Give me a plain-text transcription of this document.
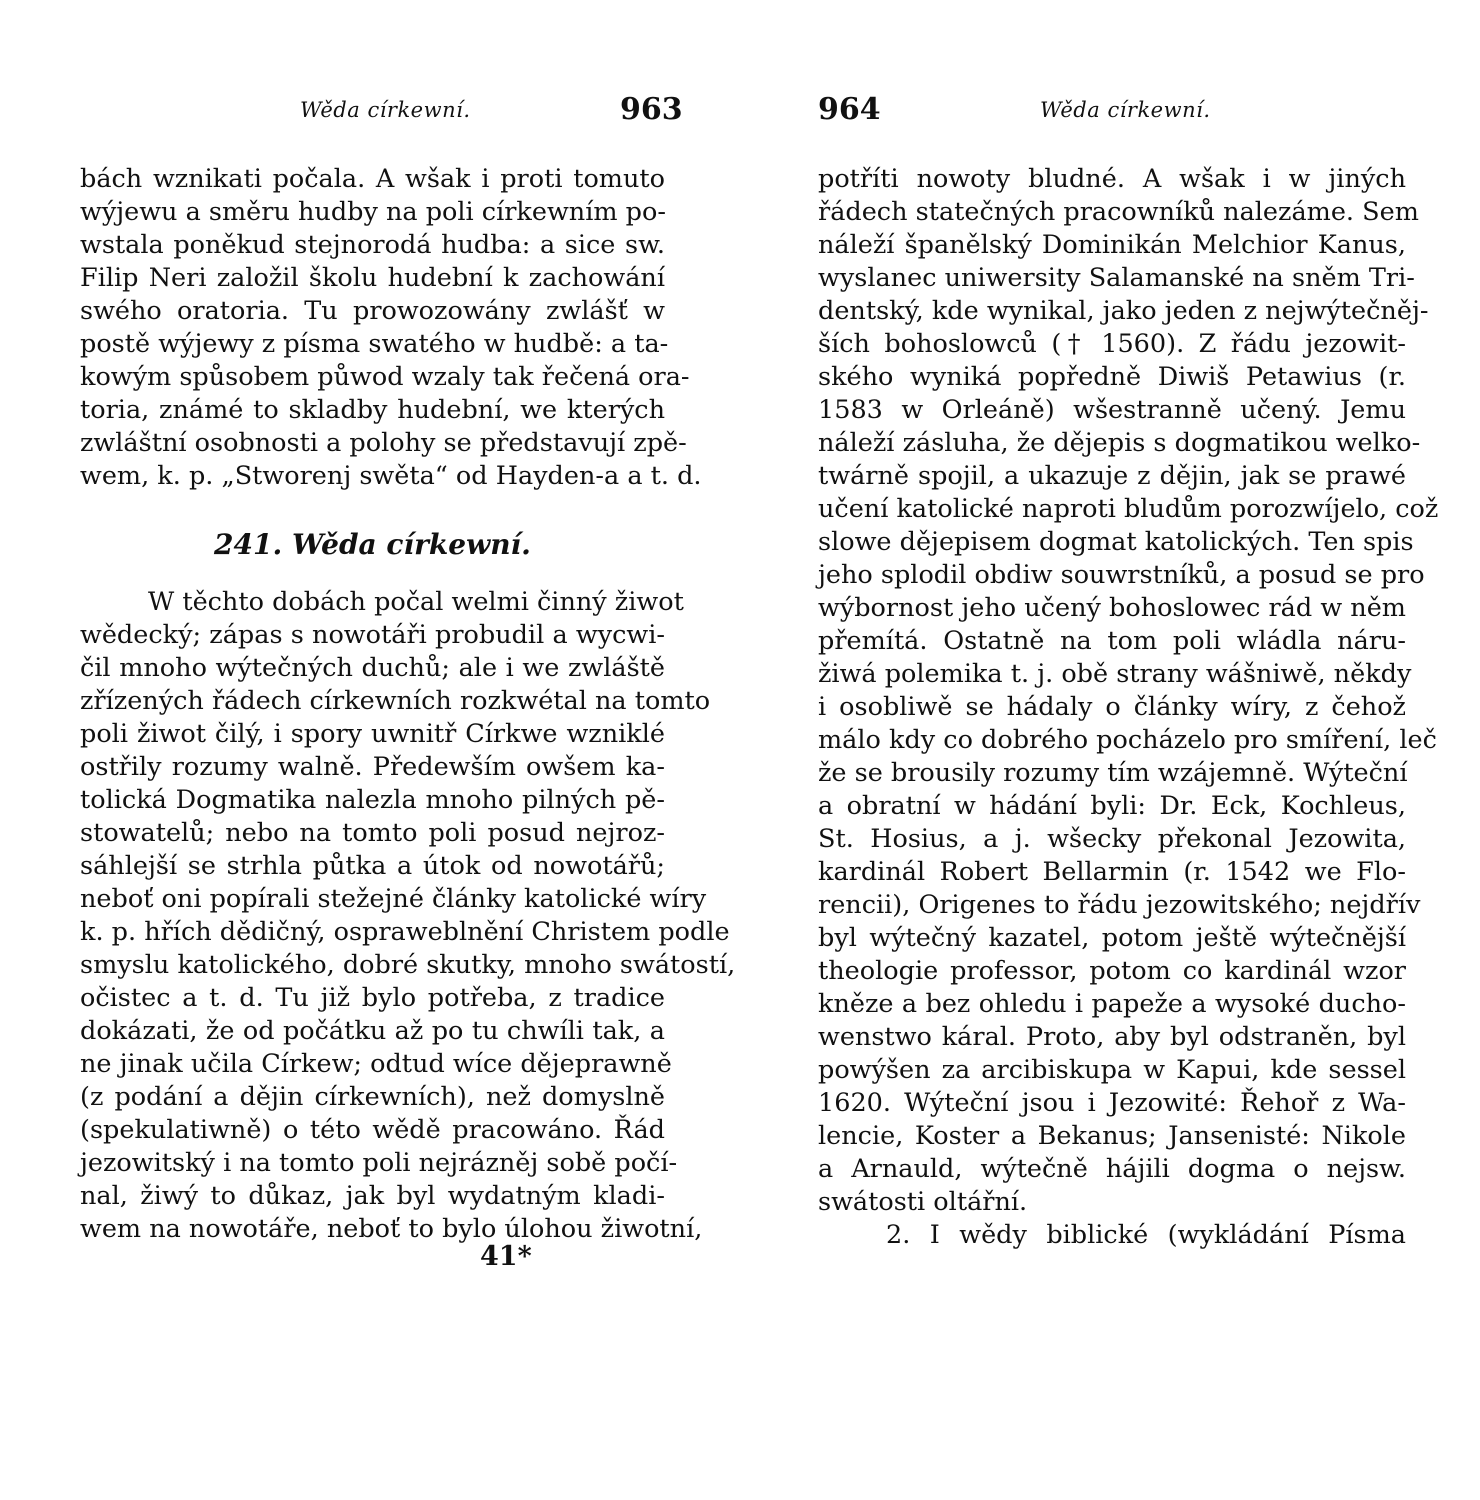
Wěda církewní.	963
bách wznikati počala. A wšak i proti tomuto
wýjewu a směru hudby na poli církewním po-
wstala poněkud stejnorodá hudba: a sice sw.
Filip Neri založil školu hudební k zachowání
swého oratoria. Tu prowozowány zwlášť w
postě wýjewy z písma swatého w hudbě: a ta-
kowým spůsobem půwod wzaly tak řečená ora-
toria, známé to skladby hudební, we kterých
zwláštní osobnosti a polohy se představují zpě-
wem, k. p. „Stworenj swěta“ od Hayden-a a t. d.
241. Wěda církewní.
W těchto dobách počal welmi činný žiwot
wědecký; zápas s nowotáři probudil a wycwi-
čil mnoho wýtečných duchů; ale i we zwláště
zřízených řádech církewních rozkwétal na tomto
poli žiwot čilý, i spory uwnitř Církwe wzniklé
ostřily rozumy walně. Předewším owšem ka-
tolická Dogmatika nalezla mnoho pilných pě-
stowatelů; nebo na tomto poli posud nejroz-
sáhlejší se strhla půtka a útok od nowotářů;
neboť oni popírali stežejné články katolické wíry
k. p. hřích dědičný, ospraweblnění Christem podle
smyslu katolického, dobré skutky, mnoho swátostí,
očistec a t. d. Tu již bylo potřeba, z tradice
dokázati, že od počátku až po tu chwíli tak, a
ne jinak učila Církew; odtud wíce dějeprawně
(z podání a dějin církewních), než domyslně
(spekulatiwně) o této wědě pracowáno. Řád
jezowitský i na tomto poli nejrázněj sobě počí-
nal, žiwý to důkaz, jak byl wydatným kladi-
wem na nowotáře, neboť to bylo úlohou žiwotní,
41*
964	Wěda církewní.
potříti nowoty bludné. A wšak i w jiných
řádech statečných pracowníků nalezáme. Sem
náleží španělský Dominikán Melchior Kanus,
wyslanec uniwersity Salamanské na sněm Tri-
dentský, kde wynikal, jako jeden z nejwýtečněj-
ších bohoslowců († 1560). Z řádu jezowit-
ského wyniká popředně Diwiš Petawius (r.
1583 w Orleáně) wšestranně učený. Jemu
náleží zásluha, že dějepis s dogmatikou welko-
twárně spojil, a ukazuje z dějin, jak se prawé
učení katolické naproti bludům porozwíjelo, což
slowe dějepisem dogmat katolických. Ten spis
jeho splodil obdiw souwrstníků, a posud se pro
wýbornost jeho učený bohoslowec rád w něm
přemítá. Ostatně na tom poli wládla náru-
žiwá polemika t. j. obě strany wášniwě, někdy
i osobliwě se hádaly o články wíry, z čehož
málo kdy co dobrého pocházelo pro smíření, leč
že se brousily rozumy tím wzájemně. Wýteční
a obratní w hádání byli: Dr. Eck, Kochleus,
St. Hosius, a j. wšecky překonal Jezowita,
kardinál Robert Bellarmin (r. 1542 we Flo-
rencii), Origenes to řádu jezowitského; nejdřív
byl wýtečný kazatel, potom ještě wýtečnější
theologie professor, potom co kardinál wzor
kněze a bez ohledu i papeže a wysoké ducho-
wenstwo káral. Proto, aby byl odstraněn, byl
powýšen za arcibiskupa w Kapui, kde sessel
1620. Wýteční jsou i Jezowité: Řehoř z Wa-
lencie, Koster a Bekanus; Jansenisté: Nikole
a Arnauld, wýtečně hájili dogma o nejsw.
swátosti oltářní.
2. I wědy biblické (wykládání Písma
